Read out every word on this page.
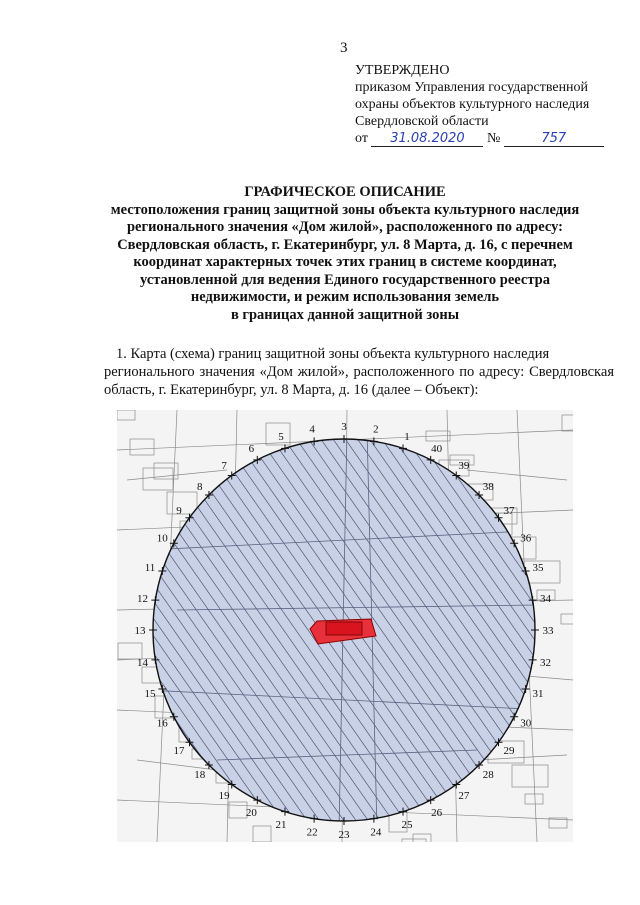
3
УТВЕРЖДЕНО
приказом Управления государственной
охраны объектов культурного наследия
Свердловской области
от 31.08.2020 №	757
ГРАФИЧЕСКОЕ ОПИСАНИЕ
местоположения границ защитной зоны объекта культурного наследия
регионального значения «Дом жилой», расположенного по адресу:
Свердловская область, г. Екатеринбург, ул. 8 Марта, д. 16, с перечнем
координат характерных точек этих границ в системе координат,
установленной для ведения Единого государственного реестра
недвижимости, и режим использования земель
в границах данной защитной зоны
1. Карта (схема) границ защитной зоны объекта культурного наследия
регионального значения «Дом жилой», расположенного по адресу: Свердловская область, г. Екатеринбург, ул. 8 Марта, д. 16 (далее – Объект):
1
2
3
4
5
6
7
8
9
10
11
12
13
14
15
16
17
18
19
20
21
22 23 24
25
26
27
28
29
30
31
32
33
34
35
36
37
38
39
40
